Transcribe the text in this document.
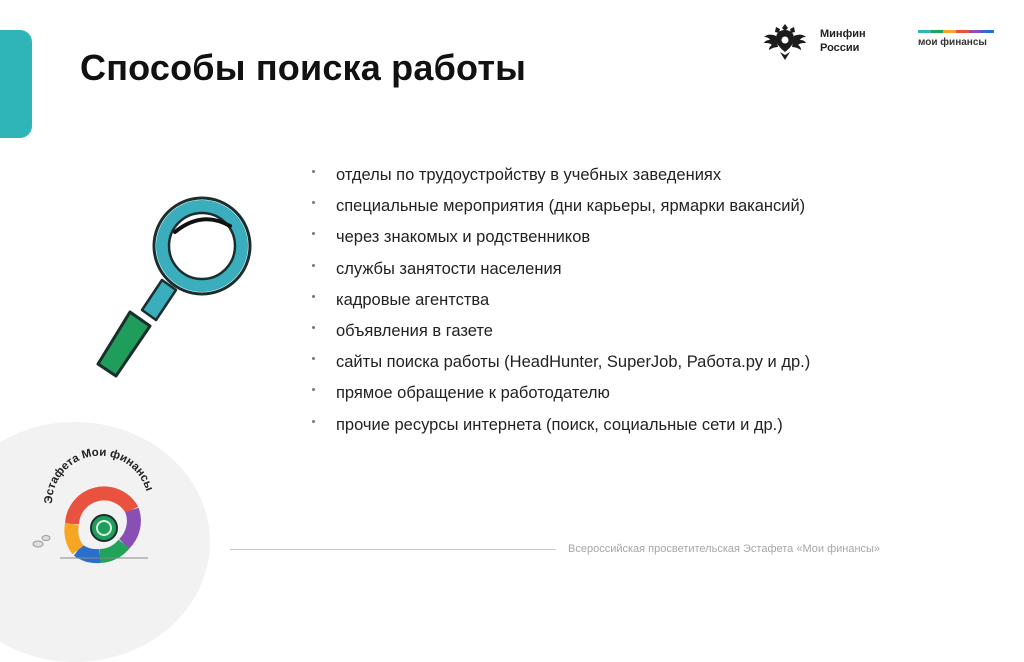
Способы поиска работы
Минфин
России	мои финансы
отделы по трудоустройству в учебных заведениях
специальные мероприятия (дни карьеры, ярмарки вакансий)
через знакомых и родственников
службы занятости населения
кадровые агентства
объявления в газете
сайты поиска работы (HeadHunter, SuperJob, Работа.ру и др.)
прямое обращение к работодателю
прочие ресурсы интернета (поиск, социальные сети и др.)
Эстафета Мои финансы
Всероссийская просветительская Эстафета «Мои финансы»
